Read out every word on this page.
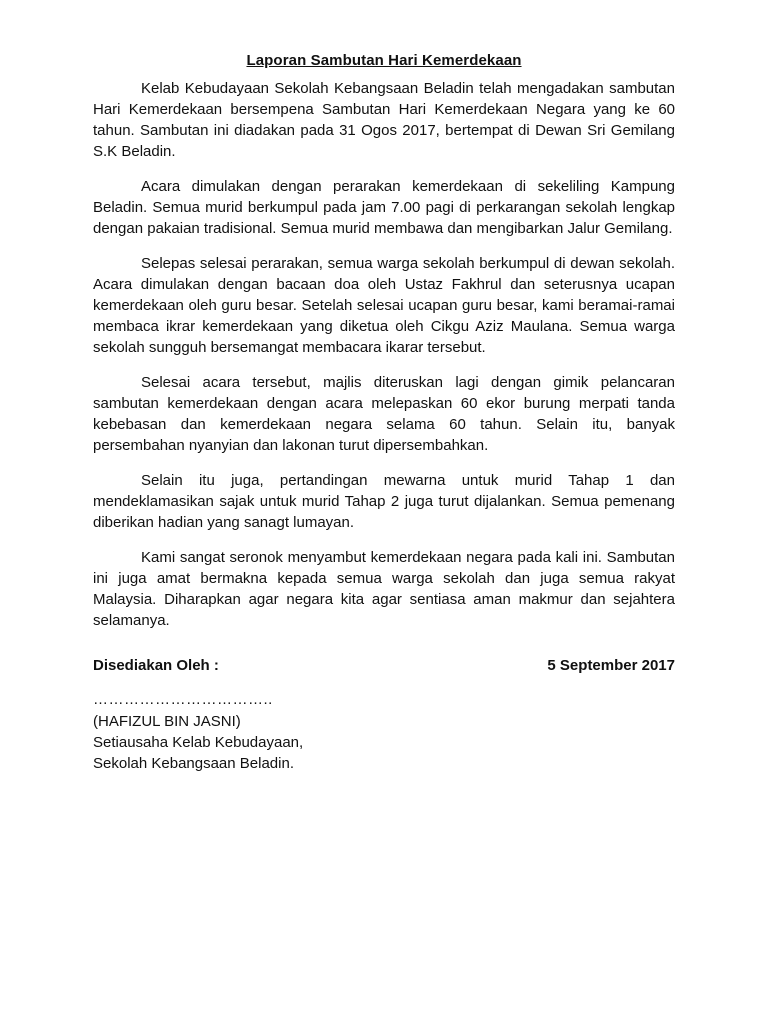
Laporan Sambutan Hari Kemerdekaan

Kelab Kebudayaan Sekolah Kebangsaan Beladin telah mengadakan sambutan Hari Kemerdekaan bersempena Sambutan Hari Kemerdekaan Negara yang ke 60 tahun. Sambutan ini diadakan pada 31 Ogos 2017, bertempat di Dewan Sri Gemilang S.K Beladin.

Acara dimulakan dengan perarakan kemerdekaan di sekeliling Kampung Beladin. Semua murid berkumpul pada jam 7.00 pagi di perkarangan sekolah lengkap dengan pakaian tradisional. Semua murid membawa dan mengibarkan Jalur Gemilang.

Selepas selesai perarakan, semua warga sekolah berkumpul di dewan sekolah. Acara dimulakan dengan bacaan doa oleh Ustaz Fakhrul dan seterusnya ucapan kemerdekaan oleh guru besar. Setelah selesai ucapan guru besar, kami beramai-ramai membaca ikrar kemerdekaan yang diketua oleh Cikgu Aziz Maulana. Semua warga sekolah sungguh bersemangat membacara ikarar tersebut.

Selesai acara tersebut, majlis diteruskan lagi dengan gimik pelancaran sambutan kemerdekaan dengan acara melepaskan 60 ekor burung merpati tanda kebebasan dan kemerdekaan negara selama 60 tahun. Selain itu, banyak persembahan nyanyian dan lakonan turut dipersembahkan.

Selain itu juga, pertandingan mewarna untuk murid Tahap 1 dan mendeklamasikan sajak untuk murid Tahap 2 juga turut dijalankan. Semua pemenang diberikan hadian yang sanagt lumayan.

Kami sangat seronok menyambut kemerdekaan negara pada kali ini. Sambutan ini juga amat bermakna kepada semua warga sekolah dan juga semua rakyat Malaysia. Diharapkan agar negara kita agar sentiasa aman makmur dan sejahtera selamanya.

Disediakan Oleh :	5 September 2017
……………………………..
(HAFIZUL BIN JASNI)
Setiausaha Kelab Kebudayaan,
Sekolah Kebangsaan Beladin.
